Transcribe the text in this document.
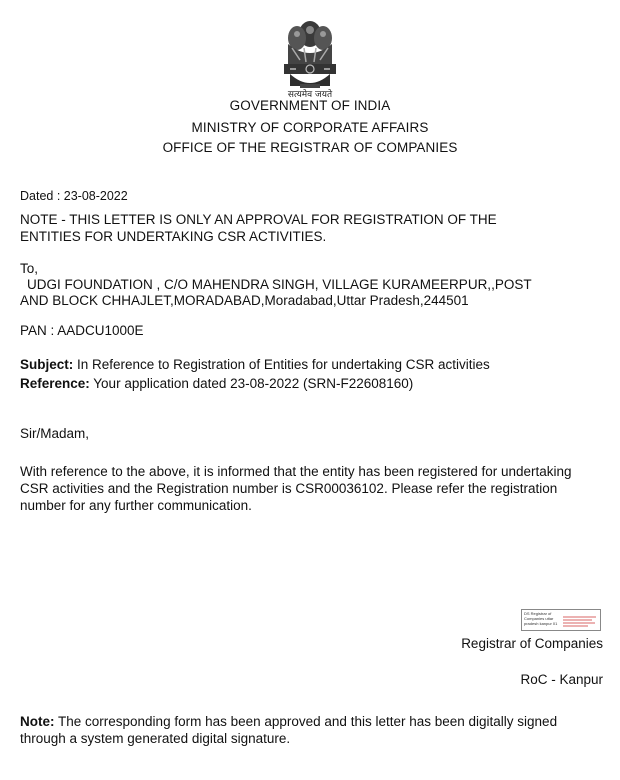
सत्यमेव जयते
GOVERNMENT OF INDIA
MINISTRY OF CORPORATE AFFAIRS
OFFICE OF THE REGISTRAR OF COMPANIES
Dated : 23-08-2022
NOTE - THIS LETTER IS ONLY AN APPROVAL FOR REGISTRATION OF THE
ENTITIES FOR UNDERTAKING CSR ACTIVITIES.
To,
UDGI FOUNDATION , C/O MAHENDRA SINGH, VILLAGE KURAMEERPUR,,POST
AND BLOCK CHHAJLET,MORADABAD,Moradabad,Uttar Pradesh,244501
PAN : AADCU1000E
Subject: In Reference to Registration of Entities for undertaking CSR activities
Reference: Your application dated 23-08-2022 (SRN-F22608160)
Sir/Madam,
With reference to the above, it is informed that the entity has been registered for undertaking
CSR activities and the Registration number is CSR00036102. Please refer the registration
number for any further communication.
DS Registrar of Companies uttar pradesh kanpur 01
Registrar of Companies
RoC - Kanpur
Note: The corresponding form has been approved and this letter has been digitally signed
through a system generated digital signature.
